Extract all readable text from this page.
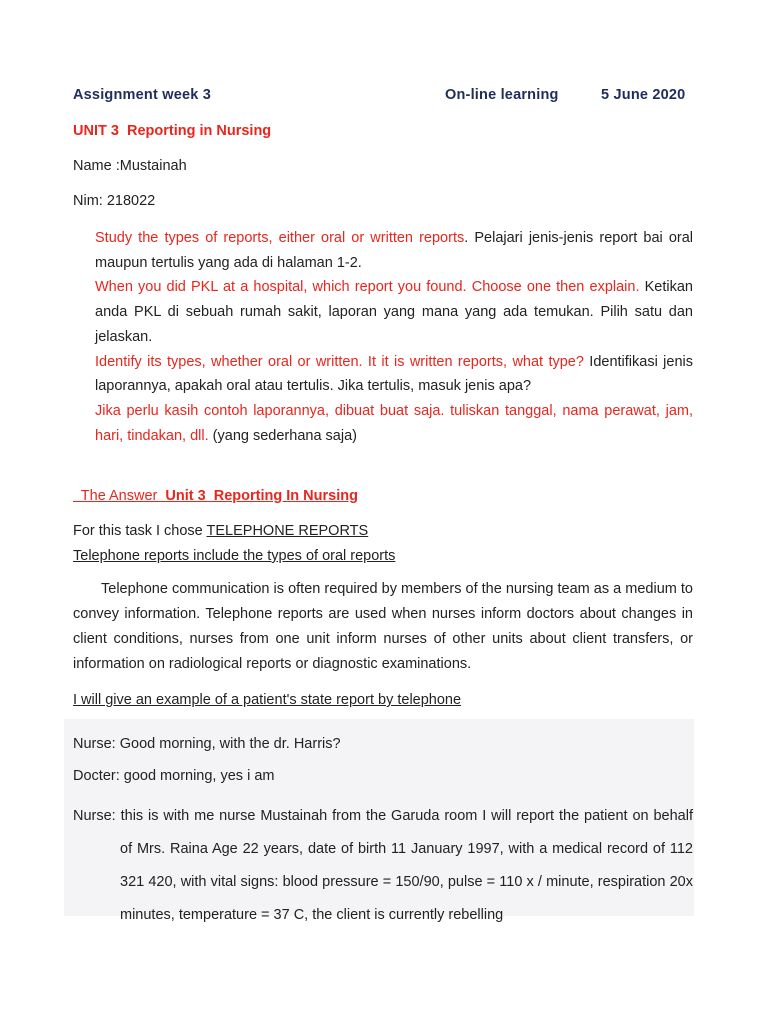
Assignment week 3	On-line learning	5 June 2020
UNIT 3  Reporting in Nursing
Name :Mustainah
Nim: 218022

Study the types of reports, either oral or written reports. Pelajari jenis-jenis report bai oral maupun tertulis yang ada di halaman 1-2.

When you did PKL at a hospital, which report you found. Choose one then explain. Ketikan anda PKL di sebuah rumah sakit, laporan yang mana yang ada temukan. Pilih satu dan jelaskan.

Identify its types, whether oral or written. It it is written reports, what type? Identifikasi jenis laporannya, apakah oral atau tertulis. Jika tertulis, masuk jenis apa?

Jika perlu kasih contoh laporannya, dibuat buat saja. tuliskan tanggal, nama perawat, jam, hari, tindakan, dll. (yang sederhana saja)

The Answer  Unit 3  Reporting In Nursing
For this task I chose TELEPHONE REPORTS
Telephone reports include the types of oral reports

Telephone communication is often required by members of the nursing team as a medium to convey information. Telephone reports are used when nurses inform doctors about changes in client conditions, nurses from one unit inform nurses of other units about client transfers, or information on radiological reports or diagnostic examinations.

I will give an example of a patient's state report by telephone
Nurse: Good morning, with the dr. Harris?
Docter: good morning, yes i am

Nurse: this is with me nurse Mustainah from the Garuda room I will report the patient on behalf of Mrs. Raina Age 22 years, date of birth 11 January 1997, with a medical record of 112 321 420, with vital signs: blood pressure = 150/90, pulse = 110 x / minute, respiration 20x minutes, temperature = 37 C, the client is currently rebelling
